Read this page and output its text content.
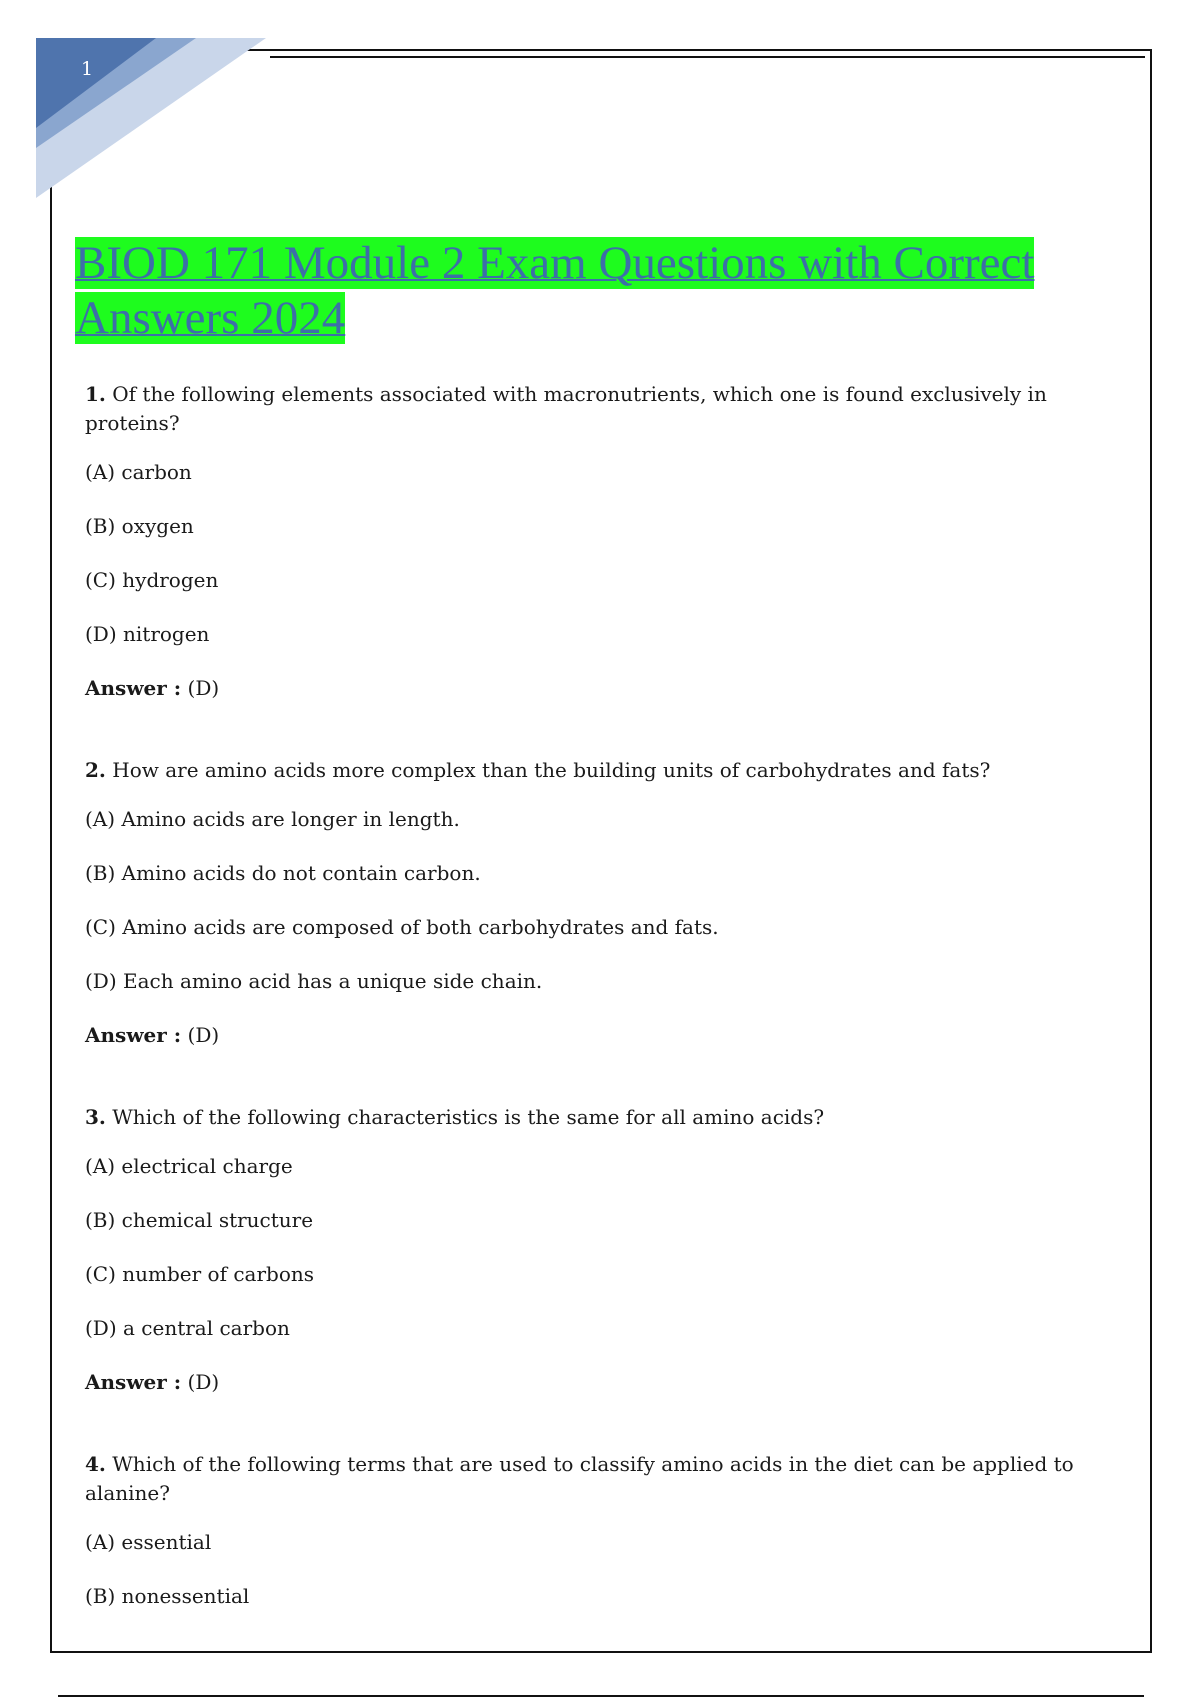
1
BIOD 171 Module 2 Exam Questions with Correct Answers 2024

1. Of the following elements associated with macronutrients, which one is found exclusively in proteins?

(A) carbon

(B) oxygen

(C) hydrogen

(D) nitrogen

Answer : (D)

2. How are amino acids more complex than the building units of carbohydrates and fats?

(A) Amino acids are longer in length.

(B) Amino acids do not contain carbon.

(C) Amino acids are composed of both carbohydrates and fats.

(D) Each amino acid has a unique side chain.

Answer : (D)

3. Which of the following characteristics is the same for all amino acids?

(A) electrical charge

(B) chemical structure

(C) number of carbons

(D) a central carbon

Answer : (D)

4. Which of the following terms that are used to classify amino acids in the diet can be applied to alanine?

(A) essential

(B) nonessential
